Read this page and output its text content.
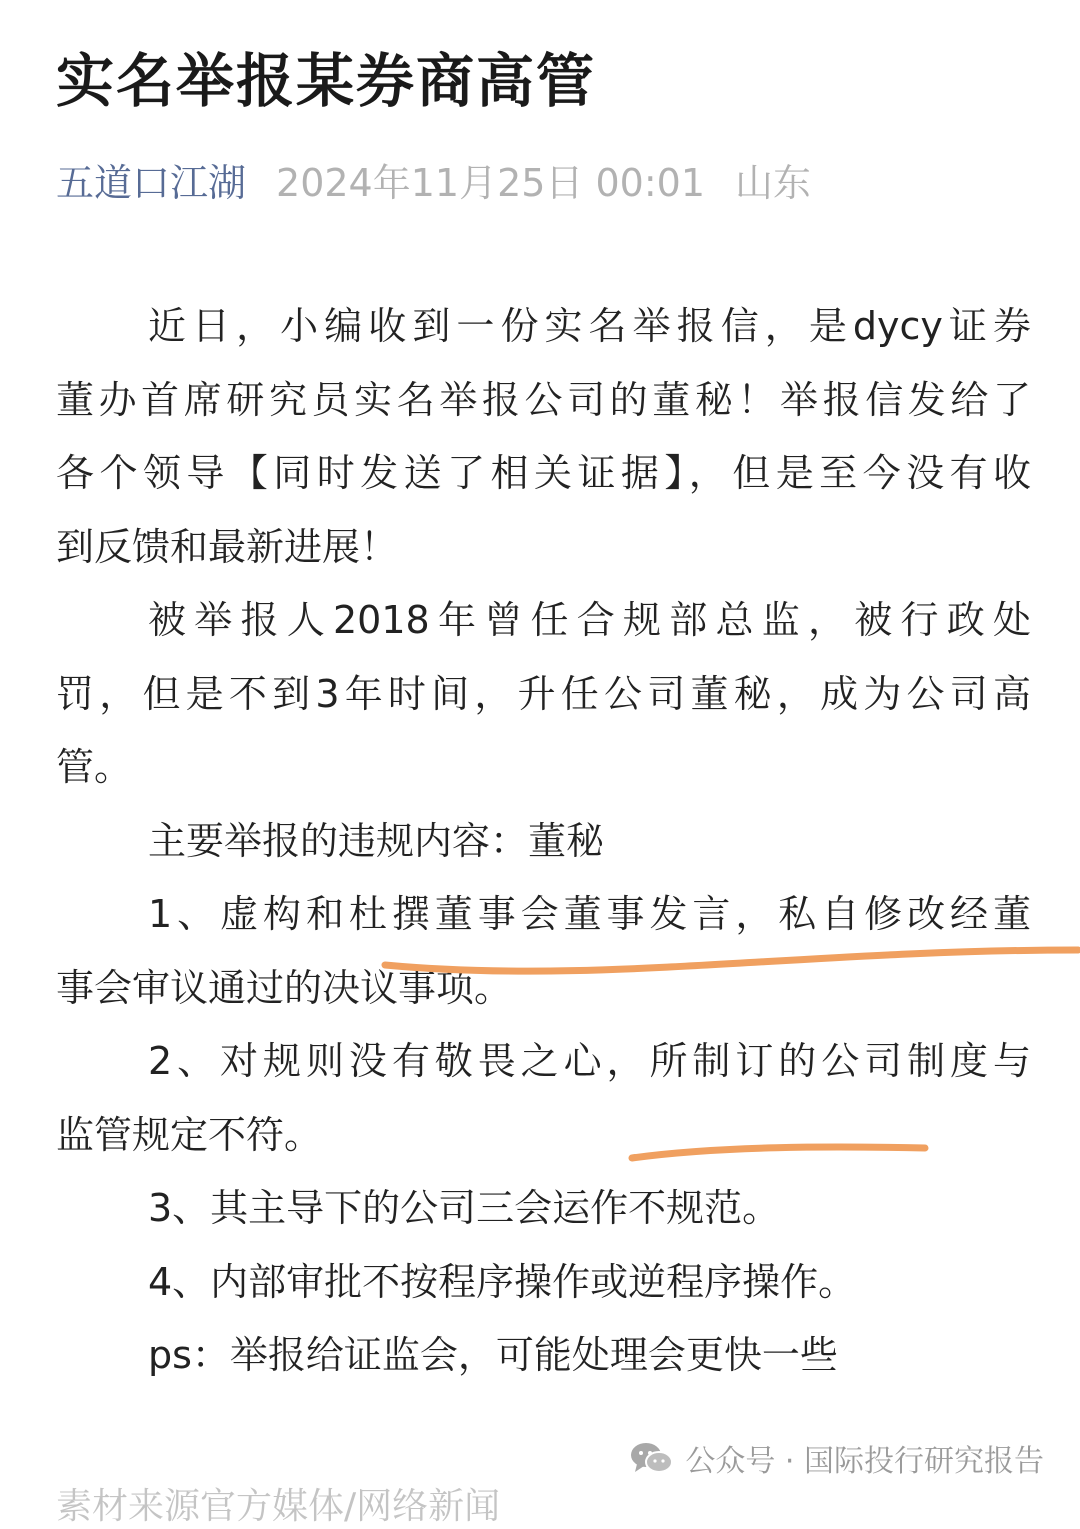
实名举报某券商高管
五道口江湖 2024年11月25日 00:01 山东
近日，小编收到一份实名举报信，是dycy证券
董办首席研究员实名举报公司的董秘！举报信发给了
各个领导【同时发送了相关证据】，但是至今没有收
到反馈和最新进展！
被举报人2018年曾任合规部总监，被行政处
罚，但是不到3年时间，升任公司董秘，成为公司高
管。
主要举报的违规内容：董秘
1、虚构和杜撰董事会董事发言，私自修改经董
事会审议通过的决议事项。
2、对规则没有敬畏之心，所制订的公司制度与
监管规定不符。
3、其主导下的公司三会运作不规范。
4、内部审批不按程序操作或逆程序操作。
ps：举报给证监会，可能处理会更快一些
公众号 · 国际投行研究报告
素材来源官方媒体/网络新闻
